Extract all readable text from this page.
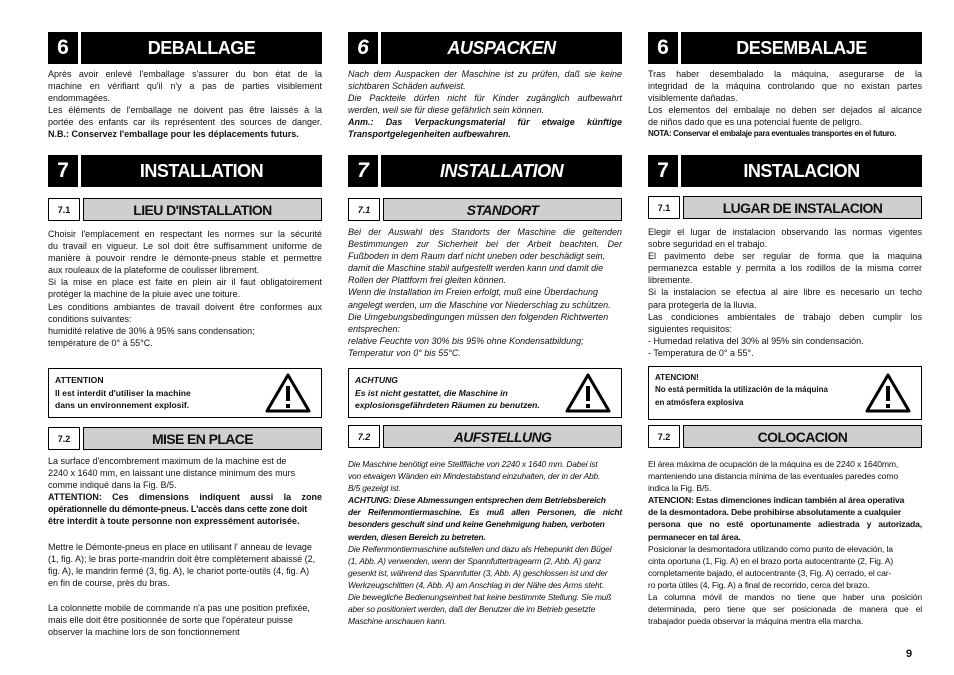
6	DEBALLAGE

Après avoir enlevé l'emballage s'assurer du bon état de la

machine en vérifiant qu'il n'y a pas de parties visiblement

endommagées.

Les éléments de l'emballage ne doivent pas être laissés à la

portée des enfants car ils représentent des sources de danger.

N.B.: Conservez l'emballage pour les déplacements futurs.

7	INSTALLATION
7.1	LIEU D'INSTALLATION

Choisir l'emplacement en respectant les normes sur la sécurité

du travail en vigueur. Le sol doit être suffisamment uniforme de

manière à pouvoir rendre le démonte-pneus stable et permettre

aux rouleaux de la plateforme de coulisser librement.

Si la mise en place est faite en plein air il faut obligatoirement

protéger la machine de la pluie avec une toiture.

Les conditions ambiantes de travail doivent être conformes aux

conditions suivantes:

humidité relative de 30% à 95% sans condensation;

température de 0° à 55°C.

ATTENTION

Il est interdit d'utiliser la machine

dans un environnement explosif.

7.2	MISE EN PLACE

La surface d'encombrement maximum de la machine est de

2240 x 1640 mm, en laissant une distance minimum des murs

comme indiqué dans la Fig. B/5.

ATTENTION: Ces dimensions indiquent aussi la zone

opérationnelle du démonte-pneus. L'accès dans cette zone doit

être interdit à toute personne non expressément autorisée.

Mettre le Démonte-pneus en place en utilisant l' anneau de levage

(1, fig. A); le bras porte-mandrin doit être complètement abaissé (2,

fig. A), le mandrin fermé (3, fig. A), le chariot porte-outils (4, fig. A)

en fin de course, près du bras.

La colonnette mobile de commande n'a pas une position prefixée,

mais elle doit être positionnée de sorte que l'opérateur puisse

observer la machine lors de son fonctionnement

6	AUSPACKEN

Nach dem Auspacken der Maschine ist zu prüfen, daß sie keine

sichtbaren Schäden aufweist.

Die Packteile dürfen nicht für Kinder zugänglich aufbewahrt

werden, weil sie für diese gefährlich sein können.

Anm.: Das Verpackungsmaterial für etwaige künftige

Transportgelegenheiten aufbewahren.

7	INSTALLATION
7.1	STANDORT

Bei der Auswahl des Standorts der Maschine die geltenden

Bestimmungen zur Sicherheit bei der Arbeit beachten. Der

Fußboden in dem Raum darf nicht uneben oder beschädigt sein,

damit die Maschine stabil aufgestellt werden kann und damit die

Rollen der Plattform frei gleiten können.

Wenn die Installation im Freien erfolgt, muß eine Überdachung

angelegt werden, um die Maschine vor Niederschlag zu schützen.

Die Umgebungsbedingungen müssen den folgenden Richtwerten

entsprechen:

relative Feuchte von 30% bis 95% ohne Kondensatbildung;

Temperatur von 0° bis 55°C.

ACHTUNG

Es ist nicht gestattet, die Maschine in

explosionsgefährdeten Räumen zu benutzen.

7.2	AUFSTELLUNG

Die Maschine benötigt eine Stellfläche von 2240 x 1640 mm. Dabei ist

von etwaigen Wänden ein Mindestabstand einzuhalten, der in der Abb.

B/5 gezeigt ist.

ACHTUNG: Diese Abmessungen entsprechen dem Betriebsbereich

der Reifenmontiermaschine. Es muß allen Personen, die nicht

besonders geschult sind und keine Genehmigung haben, verboten

werden, diesen Bereich zu betreten.

Die Reifenmontiermaschine aufstellen und dazu als Hebepunkt den Bügel

(1, Abb. A) verwenden, wenn der Spannfuttertragearm (2, Abb. A) ganz

gesenkt ist, während das Spannfutter (3, Abb. A) geschlossen ist und der

Werkzeugschlitten (4, Abb. A) am Anschlag in der Nähe des Arms steht.

Die bewegliche Bedienungseinheit hat keine bestimmte Stellung. Sie muß

aber so positioniert werden, daß der Benutzer die im Betrieb gesetzte

Maschine anschauen kann.

6	DESEMBALAJE

Tras haber desembalado la máquina, asegurarse de la

integridad de la máquina controlando que no existan partes

visiblemente dañadas.

Los elementos del embalaje no deben ser dejados al alcance

de niños dado que es una potencial fuente de peligro.

NOTA: Conservar el embalaje para eventuales transportes en el futuro.

7	INSTALACION
7.1	LUGAR DE INSTALACION

Elegir el lugar de instalacion observando las normas vigentes

sobre seguridad en el trabajo.

El pavimento debe ser regular de forma que la maquina

permanezca estable y permita a los rodillos de la misma correr

libremente.

Si la instalacion se efectua al aire libre es necesario un techo

para protegerla de la lluvia.

Las condiciones ambientales de trabajo deben cumplir los

siguientes requisitos:

- Humedad relativa del 30% al 95% sin condensación.

- Temperatura de 0° a 55°.

ATENCION!

No está permitida la utilización de la máquina

en atmósfera explosiva

7.2	COLOCACION

El área máxima de ocupación de la máquina es de 2240 x 1640mm,

manteniendo una distancia mínima de las eventuales paredes como

indica la Fig. B/5.

ATENCION: Estas dimenciones indican también al área operativa

de la desmontadora. Debe prohibirse absolutamente a cualquier

persona que no esté oportunamente adiestrada y autorizada,

permanecer en tal área.

Posicionar la desmontadora utilizando como punto de elevación, la

cinta oportuna (1, Fig. A) en el brazo porta autocentrante (2, Fig. A)

completamente bajado, el autocentrante (3, Fig. A) cerrado, el car-

ro porta útiles (4, Fig. A) a final de recorrido, cerca del brazo.

La columna móvil de mandos no tiene que haber una posición

determinada, pero tiene que ser posicionada de manera que el

trabajador pueda observar la máquina mentra ella marcha.

9
